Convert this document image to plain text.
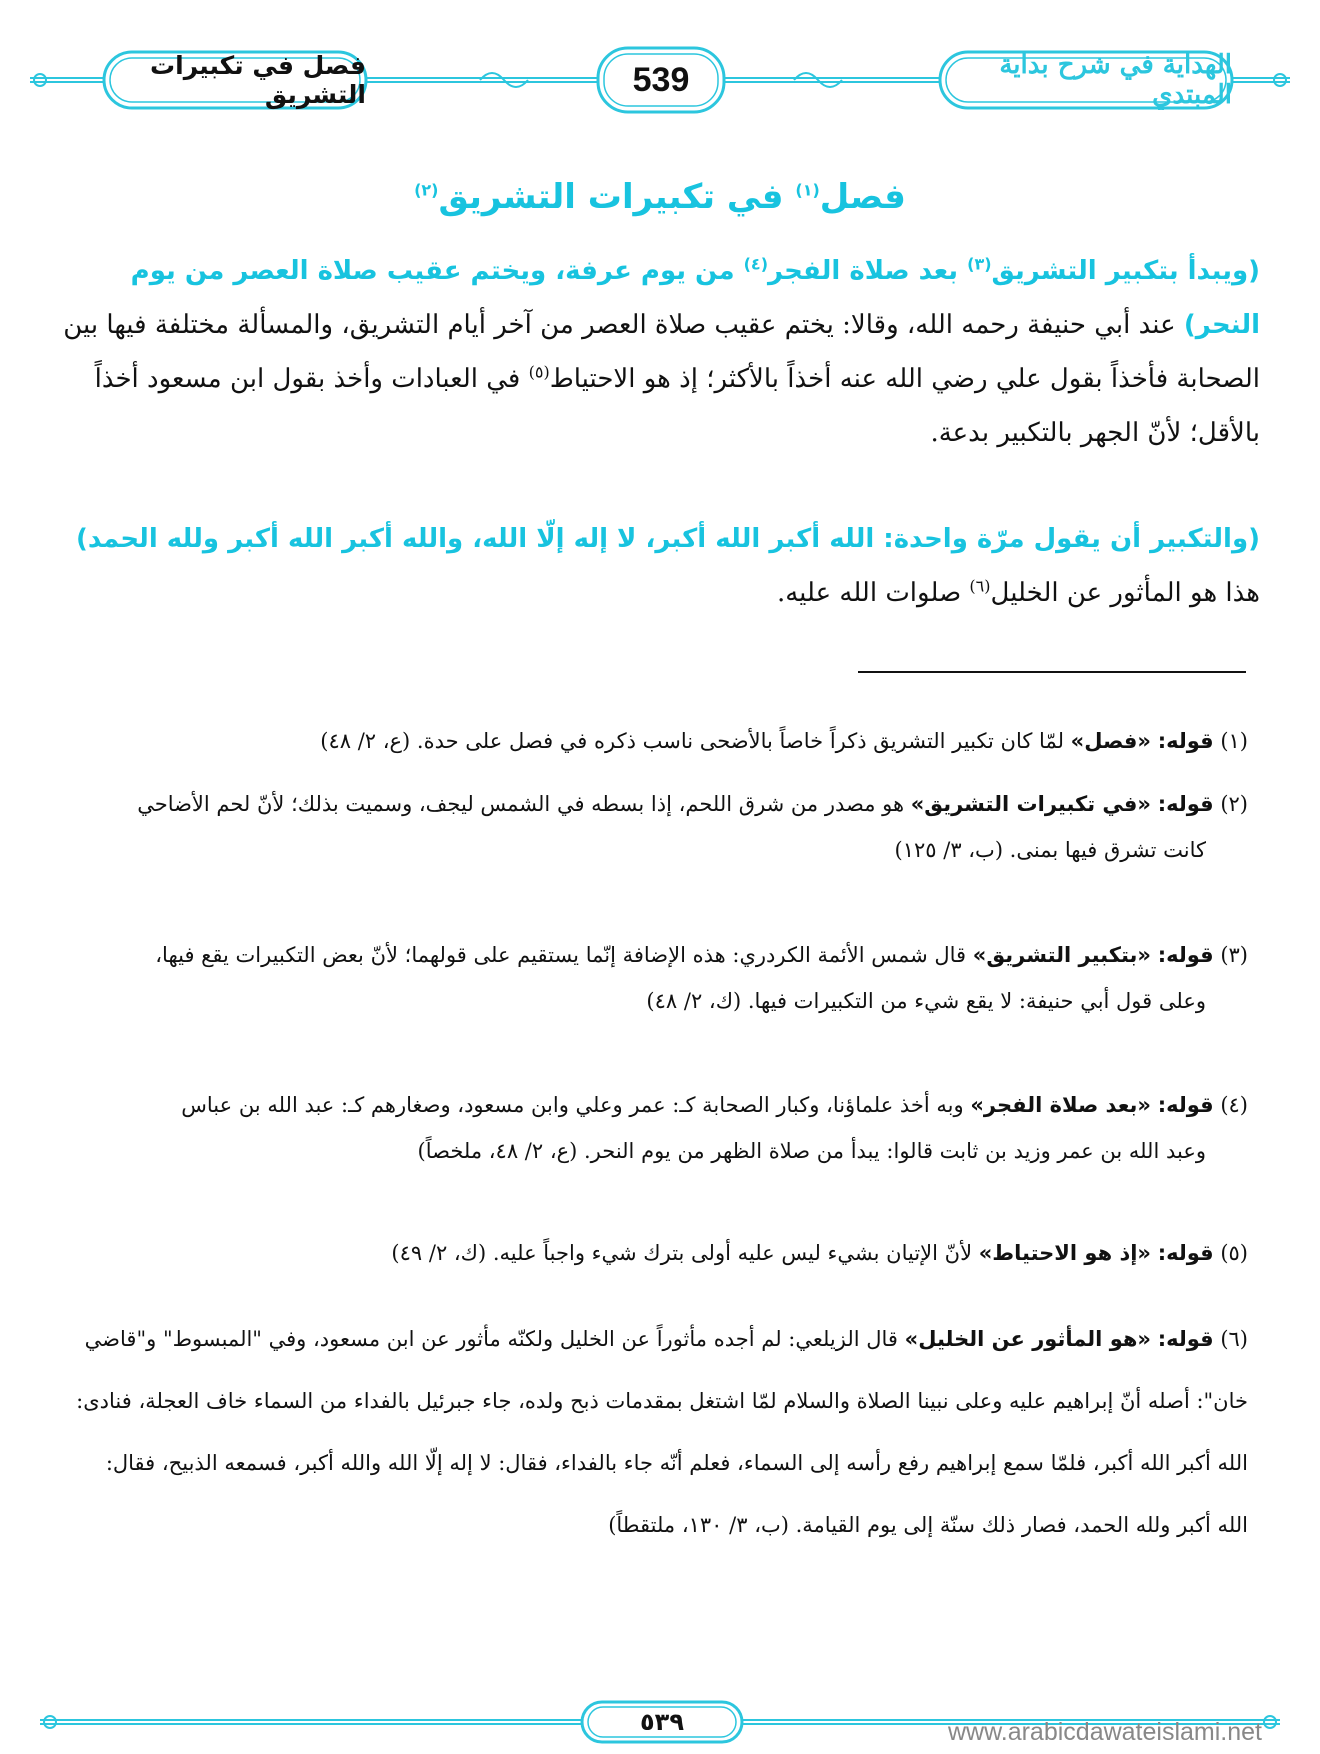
فصل في تكبيرات التشريق	539	الهداية في شرح بداية المبتدي
فصل$^{(١)}$ في تكبيرات التشريق$^{(٢)}$
(ويبدأ بتكبير التشريق$^{(٣)}$ بعد صلاة الفجر$^{(٤)}$ من يوم عرفة، ويختم عقيب صلاة العصر من يوم النحر) عند أبي حنيفة رحمه الله، وقالا: يختم عقيب صلاة العصر من آخر أيام التشريق، والمسألة مختلفة فيها بين الصحابة فأخذاً بقول علي رضي الله عنه أخذاً بالأكثر؛ إذ هو الاحتياط$^{(٥)}$ في العبادات وأخذ بقول ابن مسعود أخذاً بالأقل؛ لأنّ الجهر بالتكبير بدعة.
(والتكبير أن يقول مرّة واحدة: الله أكبر الله أكبر، لا إله إلّا الله، والله أكبر الله أكبر ولله الحمد) هذا هو المأثور عن الخليل$^{(٦)}$ صلوات الله عليه.
(١) قوله: «فصل» لمّا كان تكبير التشريق ذكراً خاصاً بالأضحى ناسب ذكره في فصل على حدة. (ع، ٢/ ٤٨)
(٢) قوله: «في تكبيرات التشريق» هو مصدر من شرق اللحم، إذا بسطه في الشمس ليجف، وسميت بذلك؛ لأنّ لحم الأضاحي
كانت تشرق فيها بمنى. (ب، ٣/ ١٢٥)
(٣) قوله: «بتكبير التشريق» قال شمس الأئمة الكردري: هذه الإضافة إنّما يستقيم على قولهما؛ لأنّ بعض التكبيرات يقع فيها،
وعلى قول أبي حنيفة: لا يقع شيء من التكبيرات فيها. (ك، ٢/ ٤٨)
(٤) قوله: «بعد صلاة الفجر» وبه أخذ علماؤنا، وكبار الصحابة كـ: عمر وعلي وابن مسعود، وصغارهم كـ: عبد الله بن عباس
وعبد الله بن عمر وزيد بن ثابت قالوا: يبدأ من صلاة الظهر من يوم النحر. (ع، ٢/ ٤٨، ملخصاً)
(٥) قوله: «إذ هو الاحتياط» لأنّ الإتيان بشيء ليس عليه أولى بترك شيء واجباً عليه. (ك، ٢/ ٤٩)
(٦) قوله: «هو المأثور عن الخليل» قال الزيلعي: لم أجده مأثوراً عن الخليل ولكنّه مأثور عن ابن مسعود، وفي "المبسوط" و"قاضي خان": أصله أنّ إبراهيم عليه وعلى نبينا الصلاة والسلام لمّا اشتغل بمقدمات ذبح ولده، جاء جبرئيل بالفداء من السماء خاف العجلة، فنادى: الله أكبر الله أكبر، فلمّا سمع إبراهيم رفع رأسه إلى السماء، فعلم أنّه جاء بالفداء، فقال: لا إله إلّا الله والله أكبر، فسمعه الذبيح، فقال: الله أكبر ولله الحمد، فصار ذلك سنّة إلى يوم القيامة. (ب، ٣/ ١٣٠، ملتقطاً)
٥٣٩	www.arabicdawateislami.net
